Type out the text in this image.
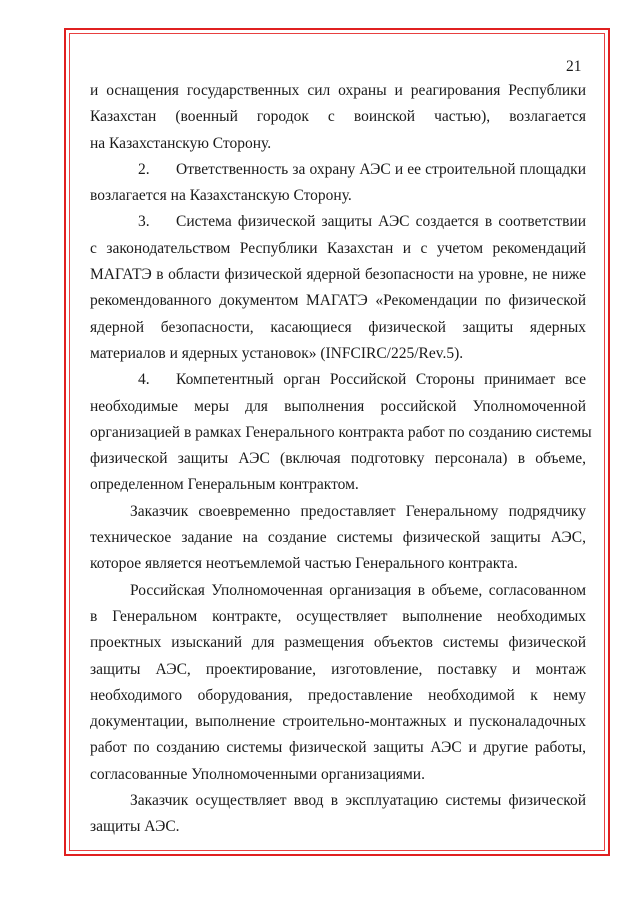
21
и оснащения государственных сил охраны и реагирования Республики
Казахстан (военный городок с воинской частью), возлагается
на Казахстанскую Сторону.
2. Ответственность за охрану АЭС и ее строительной площадки
возлагается на Казахстанскую Сторону.
3. Система физической защиты АЭС создается в соответствии
с законодательством Республики Казахстан и с учетом рекомендаций
МАГАТЭ в области физической ядерной безопасности на уровне, не ниже
рекомендованного документом МАГАТЭ «Рекомендации по физической
ядерной безопасности, касающиеся физической защиты ядерных
материалов и ядерных установок» (INFCIRC/225/Rev.5).
4. Компетентный орган Российской Стороны принимает все
необходимые меры для выполнения российской Уполномоченной
организацией в рамках Генерального контракта работ по созданию системы
физической защиты АЭС (включая подготовку персонала) в объеме,
определенном Генеральным контрактом.
Заказчик своевременно предоставляет Генеральному подрядчику
техническое задание на создание системы физической защиты АЭС,
которое является неотъемлемой частью Генерального контракта.
Российская Уполномоченная организация в объеме, согласованном
в Генеральном контракте, осуществляет выполнение необходимых
проектных изысканий для размещения объектов системы физической
защиты АЭС, проектирование, изготовление, поставку и монтаж
необходимого оборудования, предоставление необходимой к нему
документации, выполнение строительно-монтажных и пусконаладочных
работ по созданию системы физической защиты АЭС и другие работы,
согласованные Уполномоченными организациями.
Заказчик осуществляет ввод в эксплуатацию системы физической
защиты АЭС.
